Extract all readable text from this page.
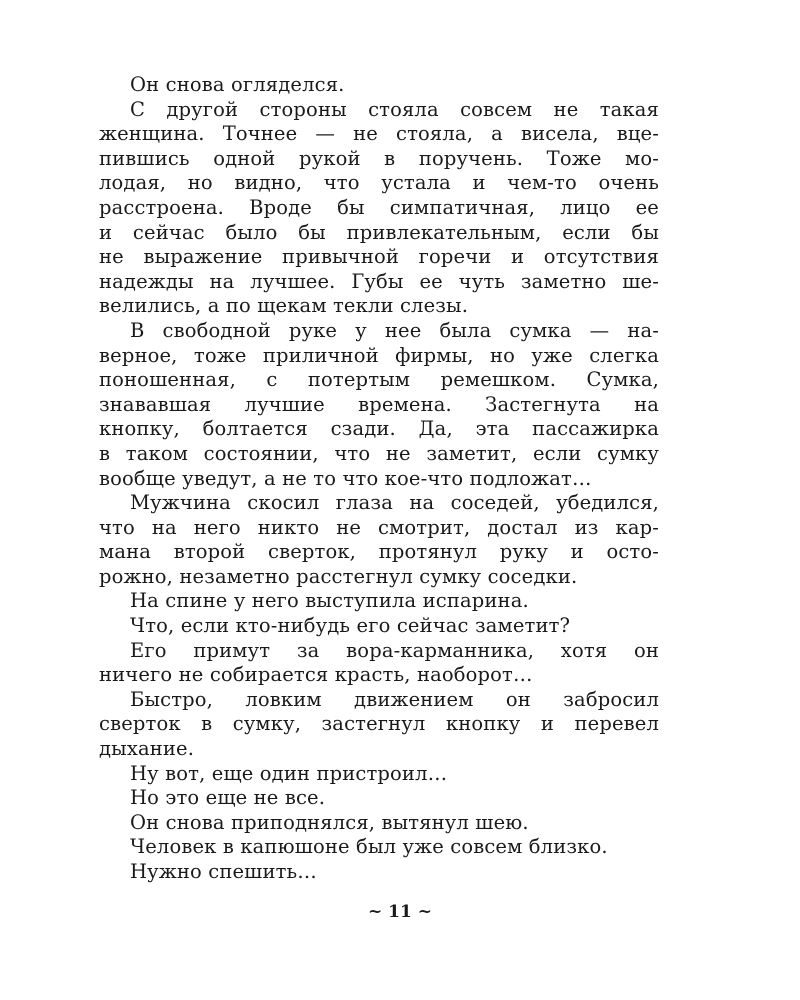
Он снова огляделся.
С другой стороны стояла совсем не такая
женщина. Точнее — не стояла, а висела, вце-
пившись одной рукой в поручень. Тоже мо-
лодая, но видно, что устала и чем-то очень
расстроена. Вроде бы симпатичная, лицо ее
и сейчас было бы привлекательным, если бы
не выражение привычной горечи и отсутствия
надежды на лучшее. Губы ее чуть заметно ше-
велились, а по щекам текли слезы.
В свободной руке у нее была сумка — на-
верное, тоже приличной фирмы, но уже слегка
поношенная, с потертым ремешком. Сумка,
знававшая лучшие времена. Застегнута на
кнопку, болтается сзади. Да, эта пассажирка
в таком состоянии, что не заметит, если сумку
вообще уведут, а не то что кое-что подложат…
Мужчина скосил глаза на соседей, убедился,
что на него никто не смотрит, достал из кар-
мана второй сверток, протянул руку и осто-
рожно, незаметно расстегнул сумку соседки.
На спине у него выступила испарина.
Что, если кто-нибудь его сейчас заметит?
Его примут за вора-карманника, хотя он
ничего не собирается красть, наоборот…
Быстро, ловким движением он забросил
сверток в сумку, застегнул кнопку и перевел
дыхание.
Ну вот, еще один пристроил…
Но это еще не все.
Он снова приподнялся, вытянул шею.
Человек в капюшоне был уже совсем близко.
Нужно спешить…
~ 11 ~
